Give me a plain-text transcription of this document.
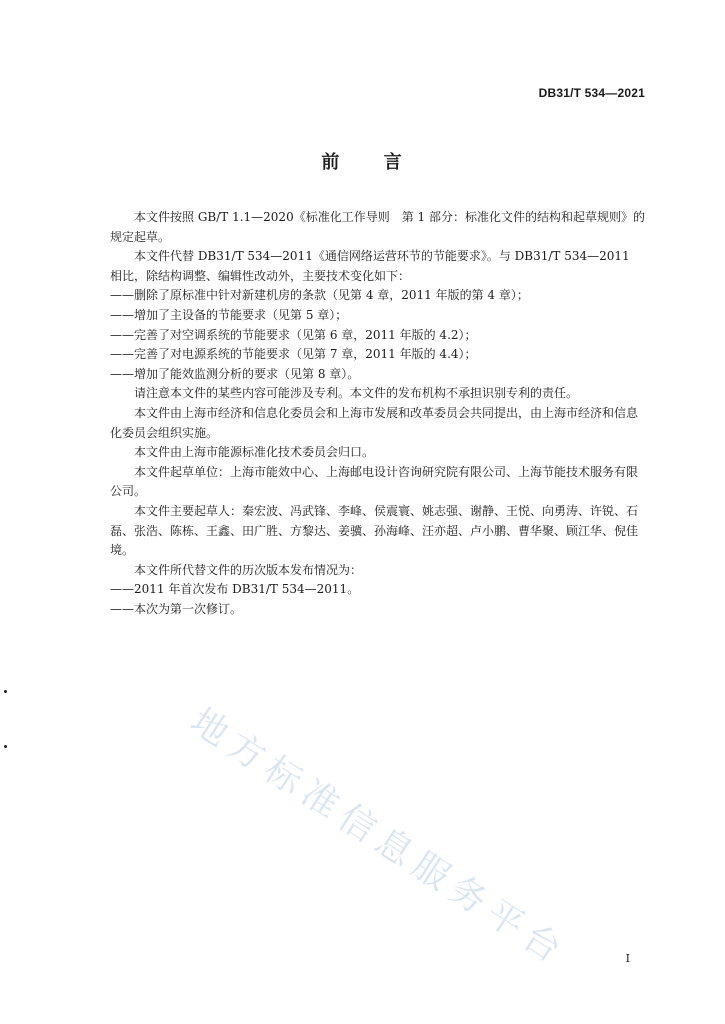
DB31/T 534—2021
前 言

本文件按照 GB/T 1.1—2020《标准化工作导则　第 1 部分：标准化文件的结构和起草规则》的规定起草。

本文件代替 DB31/T 534—2011《通信网络运营环节的节能要求》。与 DB31/T 534—2011 相比，除结构调整、编辑性改动外，主要技术变化如下：

——删除了原标准中针对新建机房的条款（见第 4 章，2011 年版的第 4 章）；

——增加了主设备的节能要求（见第 5 章）；

——完善了对空调系统的节能要求（见第 6 章，2011 年版的 4.2）；

——完善了对电源系统的节能要求（见第 7 章，2011 年版的 4.4）；

——增加了能效监测分析的要求（见第 8 章）。

请注意本文件的某些内容可能涉及专利。本文件的发布机构不承担识别专利的责任。

本文件由上海市经济和信息化委员会和上海市发展和改革委员会共同提出，由上海市经济和信息化委员会组织实施。

本文件由上海市能源标准化技术委员会归口。

本文件起草单位：上海市能效中心、上海邮电设计咨询研究院有限公司、上海节能技术服务有限公司。

本文件主要起草人：秦宏波、冯武锋、李峰、侯震寰、姚志强、谢静、王悦、向勇涛、许锐、石磊、张浩、陈栋、王鑫、田广胜、方黎达、姜骥、孙海峰、汪亦超、卢小鹏、曹华聚、顾江华、倪佳境。

本文件所代替文件的历次版本发布情况为：

——2011 年首次发布 DB31/T 534—2011。

——本次为第一次修订。

地方标准信息服务平台	I
